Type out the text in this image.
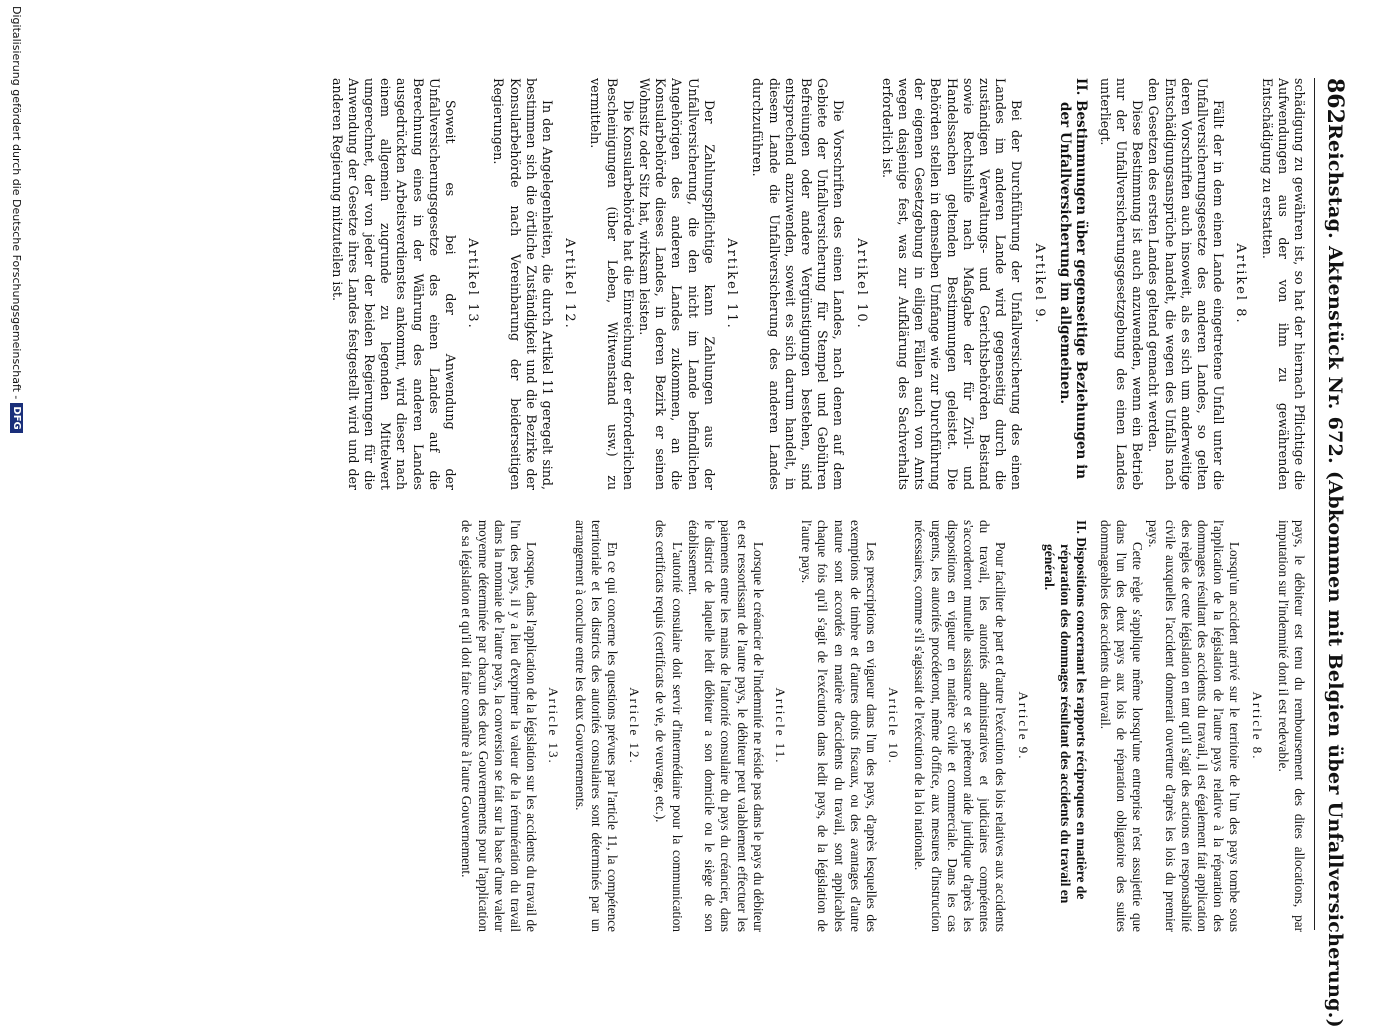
862
Reichstag. Aktenstück Nr. 672. (Abkommen mit Belgien über Unfallversicherung.)

schädigung zu gewähren ist, so hat der hiernach Pflichtige die Aufwendungen aus der von ihm zu gewährenden Entschädigung zu erstatten.

Artikel 8.

Fällt der in dem einen Lande eingetretene Unfall unter die Unfallversicherungsgesetze des anderen Landes, so gelten deren Vorschriften auch insoweit, als es sich um anderweitige Entschädigungsansprüche handelt, die wegen des Unfalls nach den Gesetzen des ersten Landes geltend gemacht werden.

Diese Bestimmung ist auch anzuwenden, wenn ein Betrieb nur der Unfallversicherungsgesetzgebung des einen Landes unterliegt.

II. Bestimmungen über gegenseitige Beziehungen in der Unfallversicherung im allgemeinen.
Artikel 9.

Bei der Durchführung der Unfallversicherung des einen Landes im anderen Lande wird gegenseitig durch die zuständigen Verwaltungs- und Gerichtsbehörden Beistand sowie Rechtshilfe nach Maßgabe der für Zivil- und Handelssachen geltenden Bestimmungen geleistet. Die Behörden stellen in demselben Umfange wie zur Durchführung der eigenen Gesetzgebung in eiligen Fällen auch von Amts wegen dasjenige fest, was zur Aufklärung des Sachverhalts erforderlich ist.

Artikel 10.

Die Vorschriften des einen Landes, nach denen auf dem Gebiete der Unfallversicherung für Stempel und Gebühren Befreiungen oder andere Vergünstigungen bestehen, sind entsprechend anzuwenden, soweit es sich darum handelt, in diesem Lande die Unfallversicherung des anderen Landes durchzuführen.

Artikel 11.

Der Zahlungspflichtige kann Zahlungen aus der Unfallversicherung, die den nicht im Lande befindlichen Angehörigen des anderen Landes zukommen, an die Konsularbehörde dieses Landes, in deren Bezirk er seinen Wohnsitz oder Sitz hat, wirksam leisten.

Die Konsularbehörde hat die Einreichung der erforderlichen Bescheinigungen (über Leben, Witwenstand usw.) zu vermitteln.

Artikel 12.

In den Angelegenheiten, die durch Artikel 11 geregelt sind, bestimmen sich die örtliche Zuständigkeit und die Bezirke der Konsularbehörde nach Vereinbarung der beiderseitigen Regierungen.

Artikel 13.

Soweit es bei der Anwendung der Unfallversicherungsgesetze des einen Landes auf die Berechnung eines in der Währung des anderen Landes ausgedrückten Arbeitsverdienstes ankommt, wird dieser nach einem allgemein zugrunde zu legenden Mittelwert umgerechnet, der von jeder der beiden Regierungen für die Anwendung der Gesetze ihres Landes festgestellt wird und der anderen Regierung mitzuteilen ist.

pays, le débiteur est tenu du remboursement des dites allocations, par imputation sur l'indemnité dont il est redevable.

Article 8.

Lorsqu'un accident arrivé sur le territoire de l'un des pays tombe sous l'application de la législation de l'autre pays relative à la réparation des dommages résultant des accidents du travail, il est également fait application des règles de cette législation en tant qu'il s'agit des actions en responsabilité civile auxquelles l'accident donnerait ouverture d'après les lois du premier pays.

Cette règle s'applique même lorsqu'une entreprise n'est assujettie que dans l'un des deux pays aux lois de réparation obligatoire des suites dommageables des accidents du travail.

II. Dispositions concernant les rapports réciproques en matière de réparation des dommages résultant des accidents du travail en général.
Article 9.

Pour faciliter de part et d'autre l'exécution des lois relatives aux accidents du travail, les autorités administratives et judiciaires compétentes s'accorderont mutuelle assistance et se prêteront aide juridique d'après les dispositions en vigueur en matière civile et commerciale. Dans les cas urgents, les autorités procéderont, même d'office, aux mesures d'instruction nécessaires, comme s'il s'agissait de l'exécution de la loi nationale.

Article 10.

Les prescriptions en vigueur dans l'un des pays, d'après lesquelles des exemptions de timbre et d'autres droits fiscaux, ou des avantages d'autre nature sont accordés en matière d'accidents du travail, sont applicables chaque fois qu'il s'agit de l'exécution dans ledit pays, de la législation de l'autre pays.

Article 11.

Lorsque le créancier de l'indemnité ne réside pas dans le pays du débiteur et est ressortissant de l'autre pays, le débiteur peut valablement effectuer les paiements entre les mains de l'autorité consulaire du pays du créancier, dans le district de laquelle ledit débiteur a son domicile ou le siège de son établissement.

L'autorité consulaire doit servir d'intermédiaire pour la communication des certificats requis (certificats de vie, de veuvage, etc.).

Article 12.

En ce qui concerne les questions prévues par l'article 11, la compétence territoriale et les districts des autorités consulaires sont déterminés par un arrangement à conclure entre les deux Gouvernements.

Article 13.

Lorsque, dans l'application de la législation sur les accidents du travail de l'un des pays, il y a lieu d'exprimer la valeur de la rémunération du travail dans la monnaie de l'autre pays, la conversion se fait sur la base d'une valeur moyenne déterminée par chacun des deux Gouvernements pour l'application de sa législation et qu'il doit faire connaître à l'autre Gouvernement.

Digitalisierung gefördert durch die Deutsche Forschungsgemeinschaft -
DFG
